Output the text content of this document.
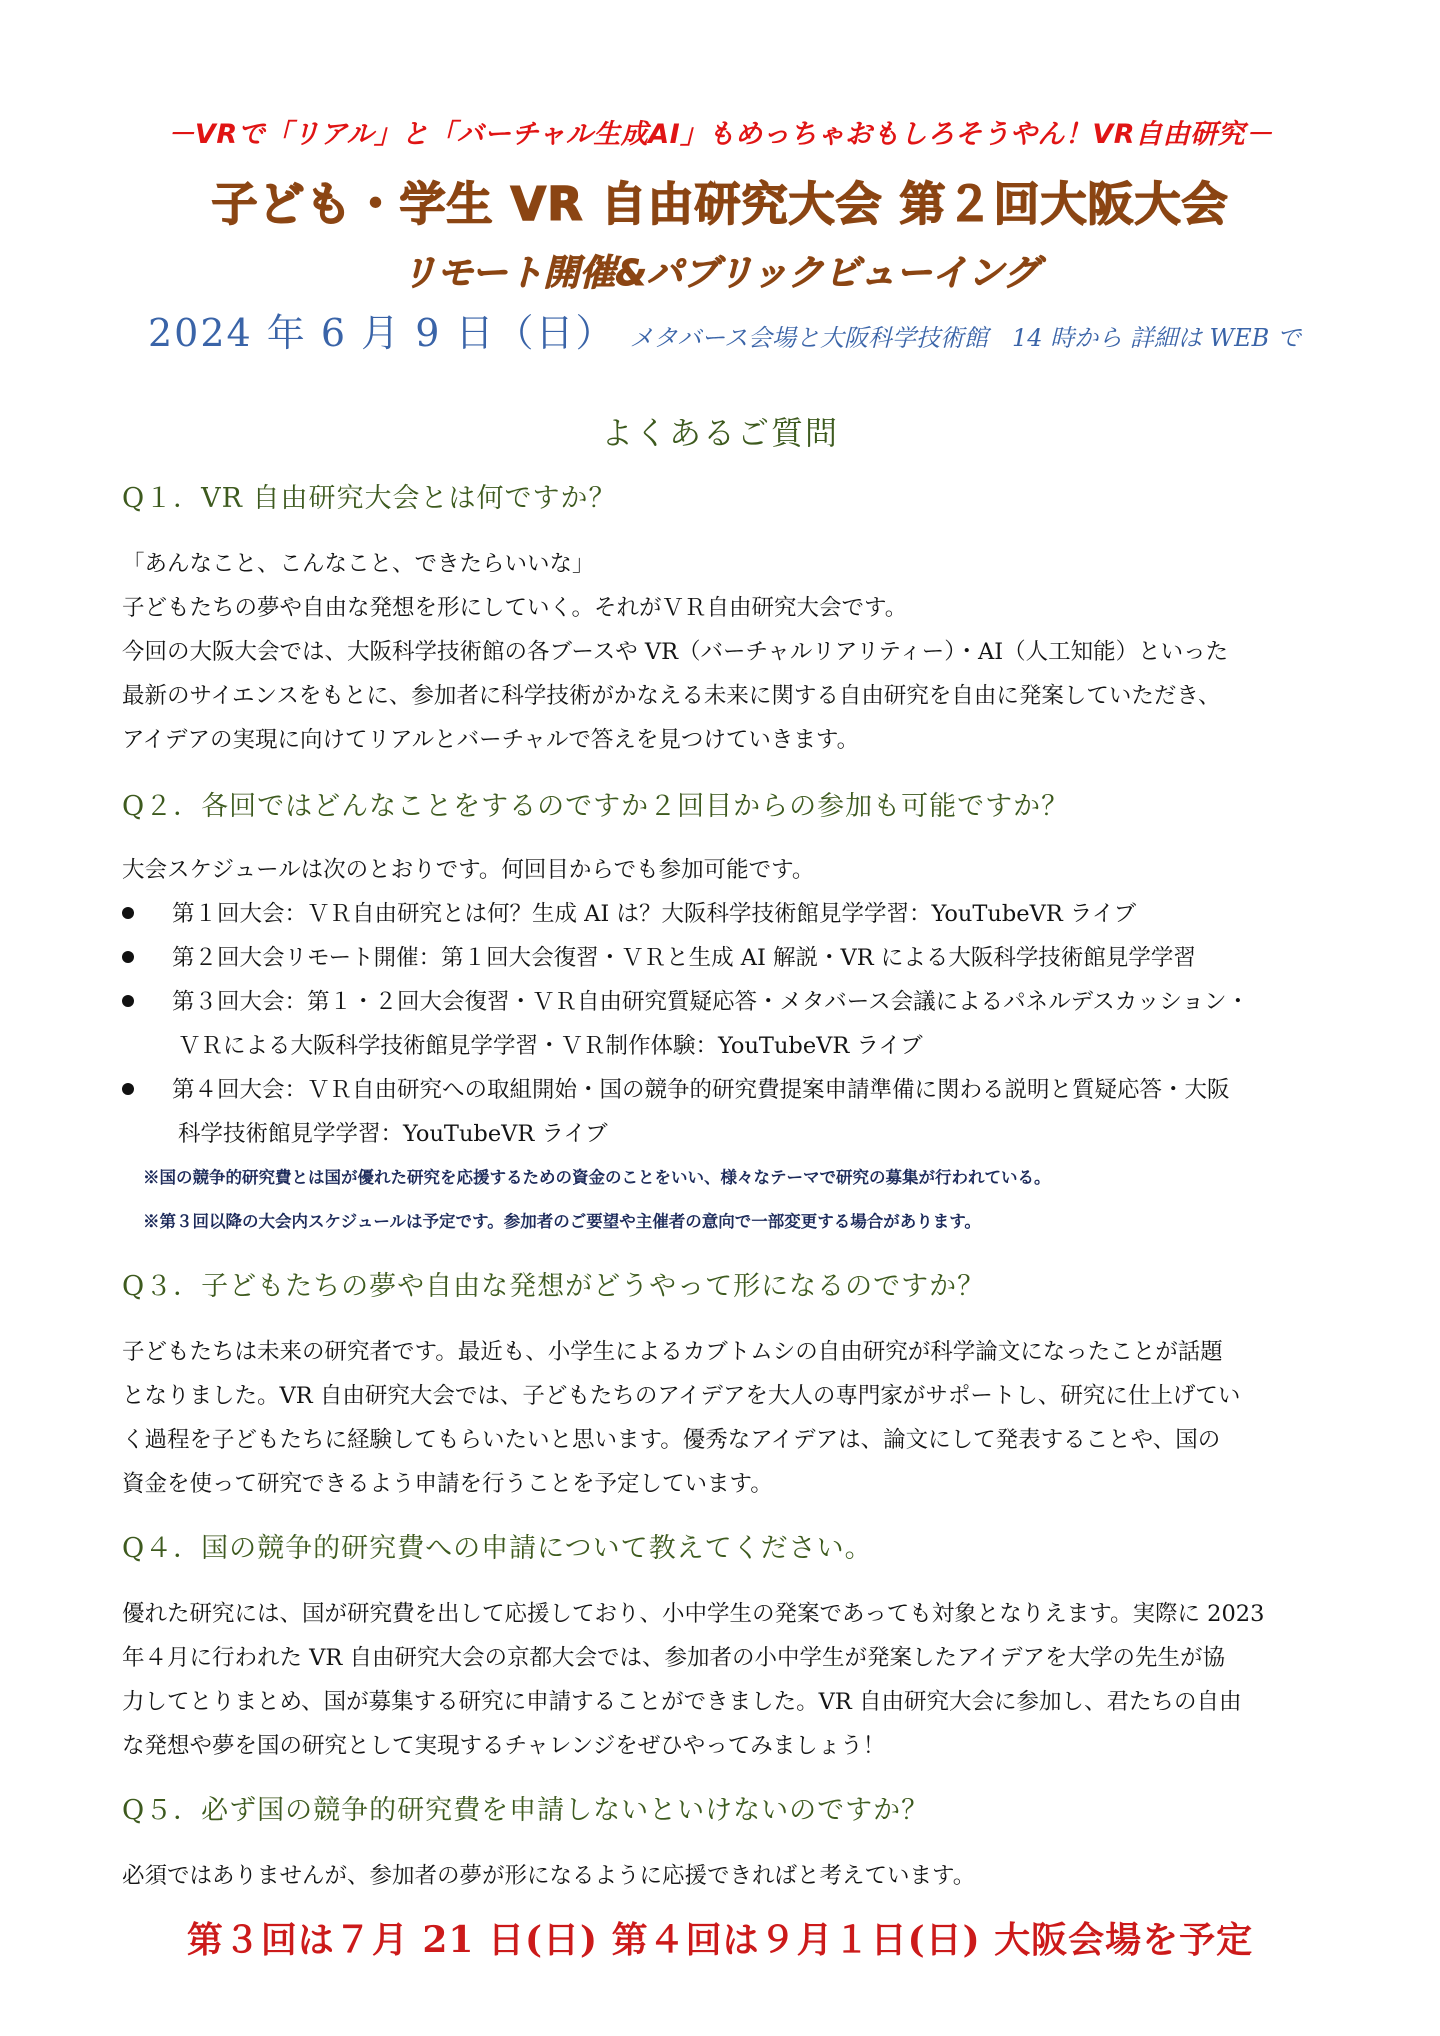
－VRで「リアル」と「バーチャル生成AI」もめっちゃおもしろそうやん！VR自由研究－
子ども・学生 VR 自由研究大会 第２回大阪大会
リモート開催&パブリックビューイング
2024 年 6 月 9 日（日） メタバース会場と大阪科学技術館　14 時から 詳細は WEB で
よくあるご質問
Q１．VR 自由研究大会とは何ですか？
「あんなこと、こんなこと、できたらいいな」
子どもたちの夢や自由な発想を形にしていく。それがＶＲ自由研究大会です。
今回の大阪大会では、大阪科学技術館の各ブースや VR（バーチャルリアリティー）・AI（人工知能）といった
最新のサイエンスをもとに、参加者に科学技術がかなえる未来に関する自由研究を自由に発案していただき、
アイデアの実現に向けてリアルとバーチャルで答えを見つけていきます。
Q２．各回ではどんなことをするのですか２回目からの参加も可能ですか？
大会スケジュールは次のとおりです。何回目からでも参加可能です。
第１回大会：ＶＲ自由研究とは何？生成 AI は？大阪科学技術館見学学習：YouTubeVR ライブ
第２回大会リモート開催：第１回大会復習・ＶＲと生成 AI 解説・VR による大阪科学技術館見学学習
第３回大会：第１・２回大会復習・ＶＲ自由研究質疑応答・メタバース会議によるパネルデスカッション・
ＶＲによる大阪科学技術館見学学習・ＶＲ制作体験：YouTubeVR ライブ
第４回大会：ＶＲ自由研究への取組開始・国の競争的研究費提案申請準備に関わる説明と質疑応答・大阪
科学技術館見学学習：YouTubeVR ライブ
※国の競争的研究費とは国が優れた研究を応援するための資金のことをいい、様々なテーマで研究の募集が行われている。
※第３回以降の大会内スケジュールは予定です。参加者のご要望や主催者の意向で一部変更する場合があります。
Q３．子どもたちの夢や自由な発想がどうやって形になるのですか？
子どもたちは未来の研究者です。最近も、小学生によるカブトムシの自由研究が科学論文になったことが話題
となりました。VR 自由研究大会では、子どもたちのアイデアを大人の専門家がサポートし、研究に仕上げてい
く過程を子どもたちに経験してもらいたいと思います。優秀なアイデアは、論文にして発表することや、国の
資金を使って研究できるよう申請を行うことを予定しています。
Q４．国の競争的研究費への申請について教えてください。
優れた研究には、国が研究費を出して応援しており、小中学生の発案であっても対象となりえます。実際に 2023
年４月に行われた VR 自由研究大会の京都大会では、参加者の小中学生が発案したアイデアを大学の先生が協
力してとりまとめ、国が募集する研究に申請することができました。VR 自由研究大会に参加し、君たちの自由
な発想や夢を国の研究として実現するチャレンジをぜひやってみましょう！
Q５．必ず国の競争的研究費を申請しないといけないのですか？
必須ではありませんが、参加者の夢が形になるように応援できればと考えています。
第３回は７月 21 日(日) 第４回は９月１日(日) 大阪会場を予定
